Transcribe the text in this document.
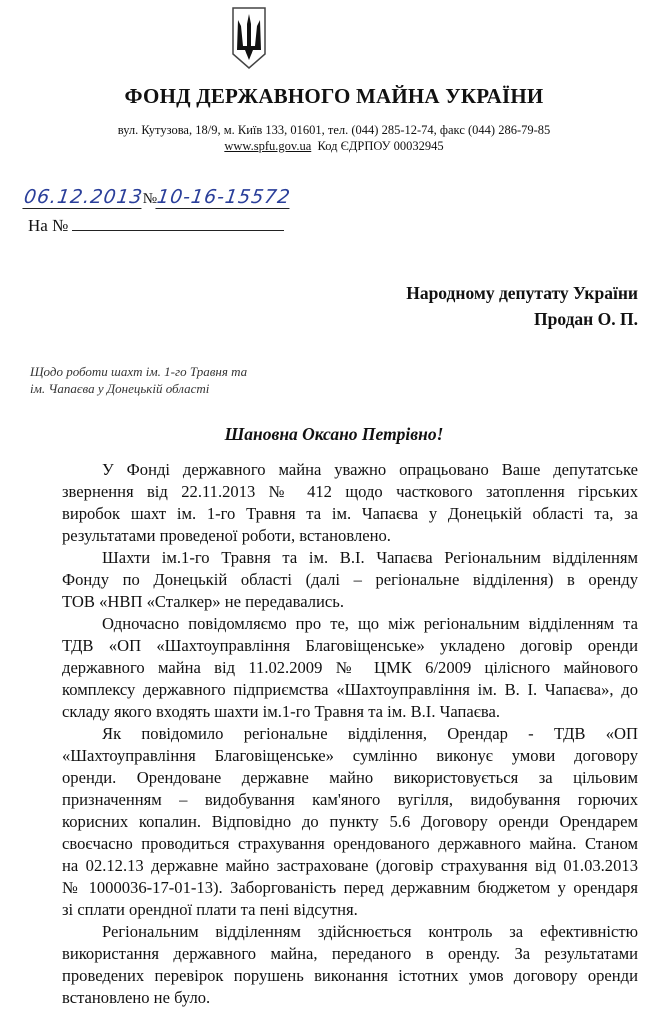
ФОНД ДЕРЖАВНОГО МАЙНА УКРАЇНИ
вул. Кутузова, 18/9, м. Київ 133, 01601, тел. (044) 285-12-74, факс (044) 286-79-85
www.spfu.gov.ua Код ЄДРПОУ 00032945
06.12.2013№10-16-15572
На №
Народному депутату України
Продан О. П.
Щодо роботи шахт ім. 1-го Травня та
ім. Чапаєва у Донецькій області
Шановна Оксано Петрівно!
У Фонді державного майна уважно опрацьовано Ваше депутатське
звернення від 22.11.2013 № 412 щодо часткового затоплення гірських
виробок шахт ім. 1-го Травня та ім. Чапаєва у Донецькій області та, за
результатами проведеної роботи, встановлено.
Шахти ім.1-го Травня та ім. В.І. Чапаєва Регіональним відділенням
Фонду по Донецькій області (далі – регіональне відділення) в оренду
ТОВ «НВП «Сталкер» не передавались.
Одночасно повідомляємо про те, що між регіональним відділенням та
ТДВ «ОП «Шахтоуправління Благовіщенське» укладено договір оренди
державного майна від 11.02.2009 № ЦМК 6/2009 цілісного майнового
комплексу державного підприємства «Шахтоуправління ім. В. І. Чапаєва», до
складу якого входять шахти ім.1-го Травня та ім. В.І. Чапаєва.
Як повідомило регіональне відділення, Орендар - ТДВ «ОП
«Шахтоуправління Благовіщенське» сумлінно виконує умови договору
оренди. Орендоване державне майно використовується за цільовим
призначенням – видобування кам'яного вугілля, видобування горючих
корисних копалин. Відповідно до пункту 5.6 Договору оренди Орендарем
своєчасно проводиться страхування орендованого державного майна. Станом
на 02.12.13 державне майно застраховане (договір страхування від 01.03.2013
№ 1000036-17-01-13). Заборгованість перед державним бюджетом у орендаря
зі сплати орендної плати та пені відсутня.
Регіональним відділенням здійснюється контроль за ефективністю
використання державного майна, переданого в оренду. За результатами
проведених перевірок порушень виконання істотних умов договору оренди
встановлено не було.
